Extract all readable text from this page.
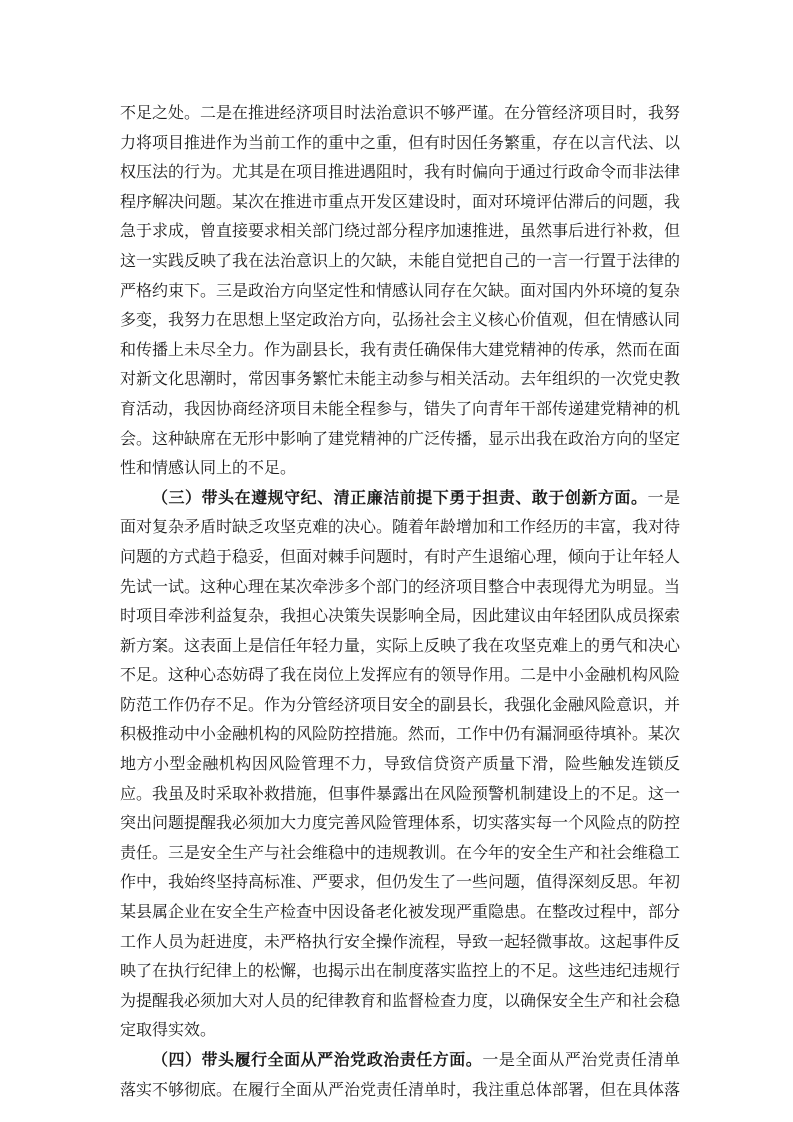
不足之处。二是在推进经济项目时法治意识不够严谨。在分管经济项目时，我努力将项目推进作为当前工作的重中之重，但有时因任务繁重，存在以言代法、以权压法的行为。尤其是在项目推进遇阻时，我有时偏向于通过行政命令而非法律程序解决问题。某次在推进市重点开发区建设时，面对环境评估滞后的问题，我急于求成，曾直接要求相关部门绕过部分程序加速推进，虽然事后进行补救，但这一实践反映了我在法治意识上的欠缺，未能自觉把自己的一言一行置于法律的严格约束下。三是政治方向坚定性和情感认同存在欠缺。面对国内外环境的复杂多变，我努力在思想上坚定政治方向，弘扬社会主义核心价值观，但在情感认同和传播上未尽全力。作为副县长，我有责任确保伟大建党精神的传承，然而在面对新文化思潮时，常因事务繁忙未能主动参与相关活动。去年组织的一次党史教育活动，我因协商经济项目未能全程参与，错失了向青年干部传递建党精神的机会。这种缺席在无形中影响了建党精神的广泛传播，显示出我在政治方向的坚定性和情感认同上的不足。

（三）带头在遵规守纪、清正廉洁前提下勇于担责、敢于创新方面。一是面对复杂矛盾时缺乏攻坚克难的决心。随着年龄增加和工作经历的丰富，我对待问题的方式趋于稳妥，但面对棘手问题时，有时产生退缩心理，倾向于让年轻人先试一试。这种心理在某次牵涉多个部门的经济项目整合中表现得尤为明显。当时项目牵涉利益复杂，我担心决策失误影响全局，因此建议由年轻团队成员探索新方案。这表面上是信任年轻力量，实际上反映了我在攻坚克难上的勇气和决心不足。这种心态妨碍了我在岗位上发挥应有的领导作用。二是中小金融机构风险防范工作仍存不足。作为分管经济项目安全的副县长，我强化金融风险意识，并积极推动中小金融机构的风险防控措施。然而，工作中仍有漏洞亟待填补。某次地方小型金融机构因风险管理不力，导致信贷资产质量下滑，险些触发连锁反应。我虽及时采取补救措施，但事件暴露出在风险预警机制建设上的不足。这一突出问题提醒我必须加大力度完善风险管理体系，切实落实每一个风险点的防控责任。三是安全生产与社会维稳中的违规教训。在今年的安全生产和社会维稳工作中，我始终坚持高标准、严要求，但仍发生了一些问题，值得深刻反思。年初某县属企业在安全生产检查中因设备老化被发现严重隐患。在整改过程中，部分工作人员为赶进度，未严格执行安全操作流程，导致一起轻微事故。这起事件反映了在执行纪律上的松懈，也揭示出在制度落实监控上的不足。这些违纪违规行为提醒我必须加大对人员的纪律教育和监督检查力度，以确保安全生产和社会稳定取得实效。

（四）带头履行全面从严治党政治责任方面。一是全面从严治党责任清单落实不够彻底。在履行全面从严治党责任清单时，我注重总体部署，但在具体落
